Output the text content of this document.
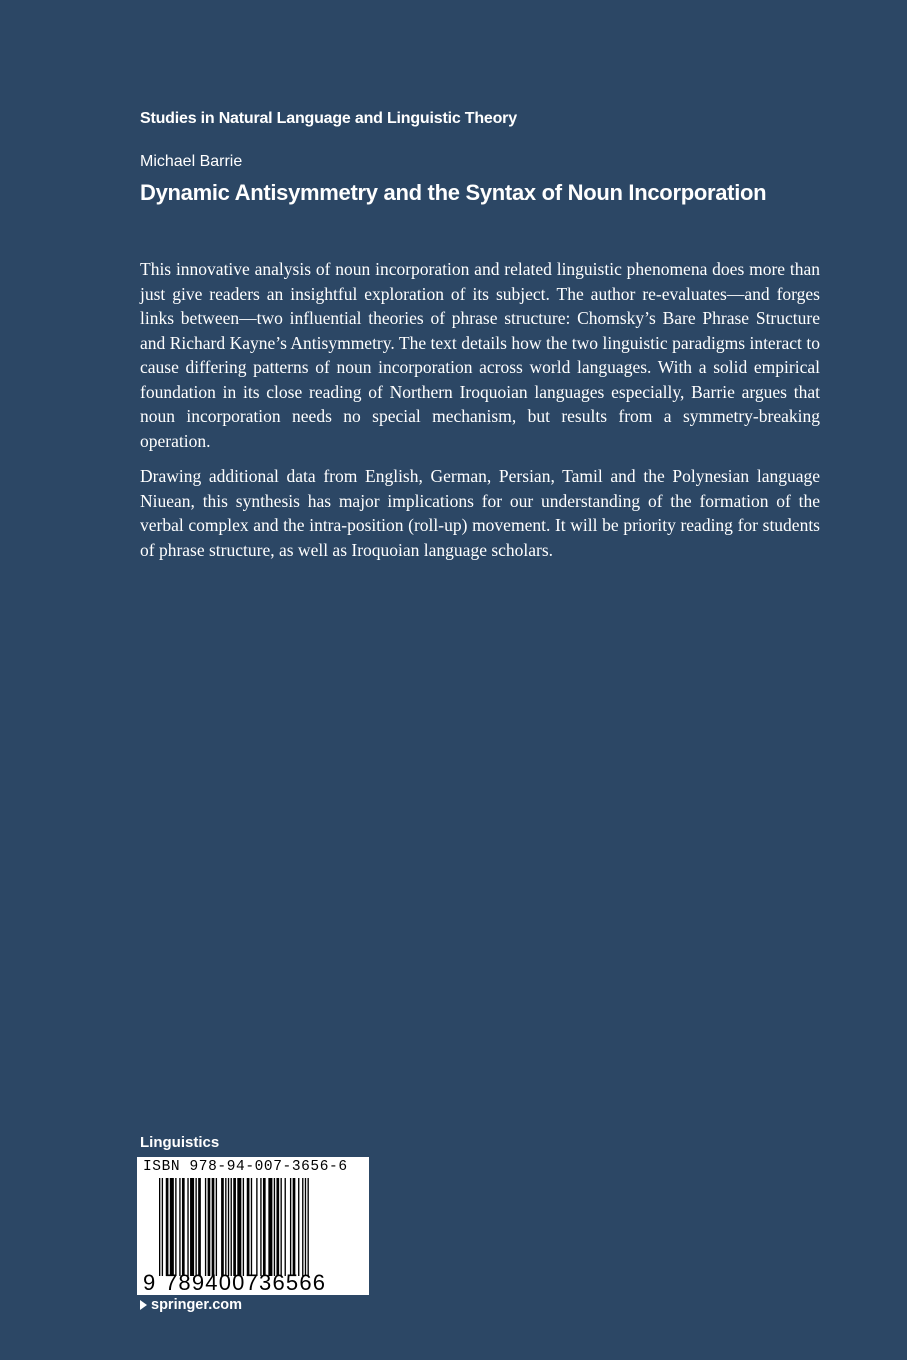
Studies in Natural Language and Linguistic Theory
Michael Barrie
Dynamic Antisymmetry and the Syntax of Noun Incorporation

This innovative analysis of noun incorporation and related linguistic phenomena does more than just give readers an insightful exploration of its subject. The author re-evaluates—and forges links between—two influential theories of phrase structure: Chomsky’s Bare Phrase Structure and Richard Kayne’s Antisymmetry. The text details how the two linguistic paradigms interact to cause differing patterns of noun incorporation across world languages. With a solid empirical foundation in its close reading of Northern Iroquoian languages especially, Barrie argues that noun incorporation needs no special mechanism, but results from a symmetry-breaking operation.

Drawing additional data from English, German, Persian, Tamil and the Polynesian language Niuean, this synthesis has major implications for our understanding of the formation of the verbal complex and the intra-position (roll-up) movement. It will be priority reading for students of phrase structure, as well as Iroquoian language scholars.

Linguistics
ISBN 978-94-007-3656-6
9 789400736566
springer.com
